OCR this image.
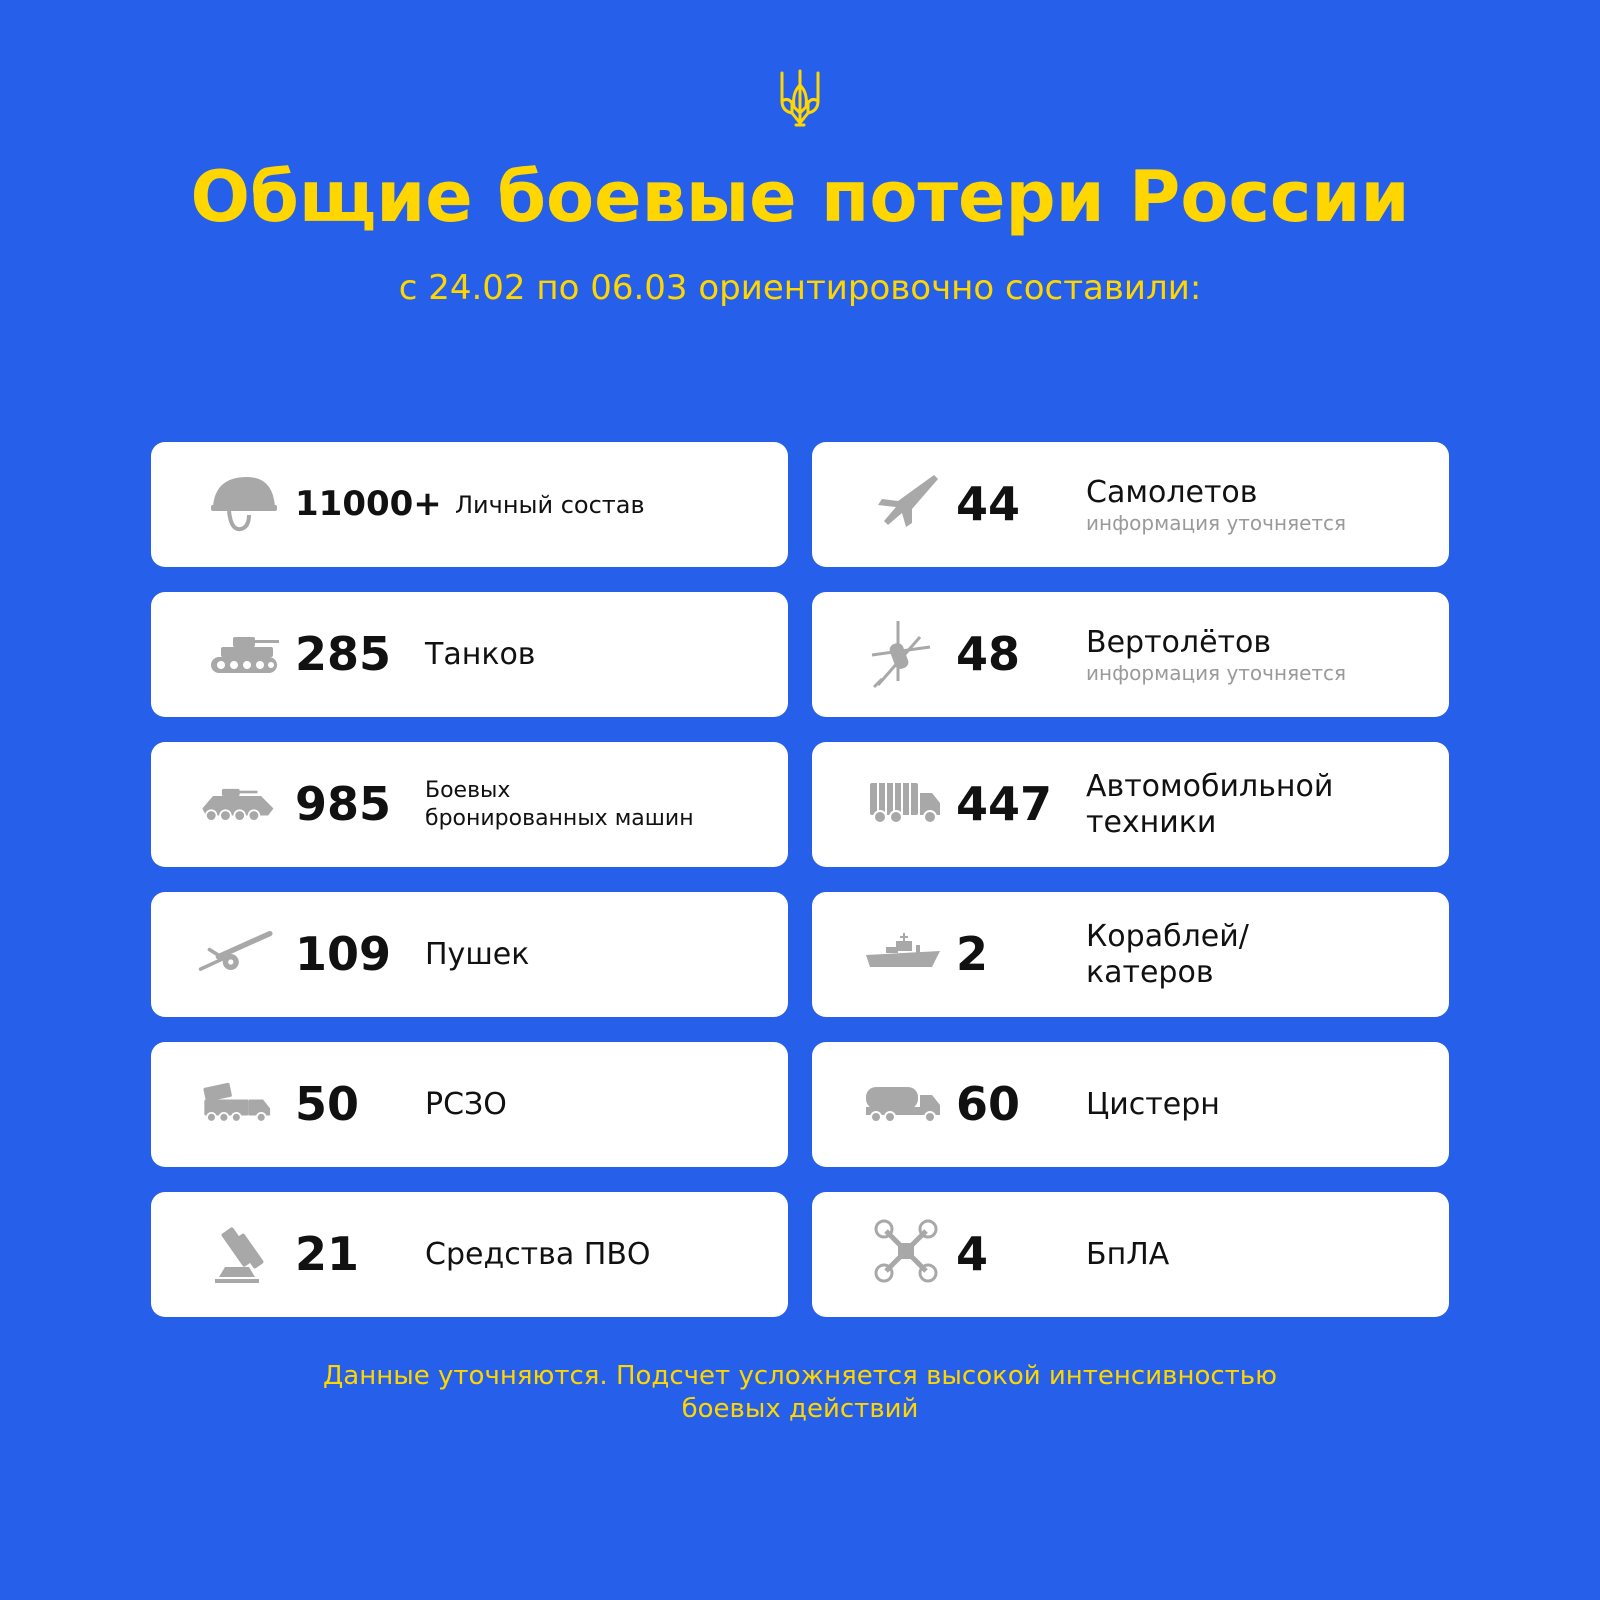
Общие боевые потери России
с 24.02 по 06.03 ориентировочно составили:
11000+ Личный состав
285 Танков
985 Боевых
бронированных машин
109 Пушек
50 РСЗО
21 Средства ПВО
44 Самолетов
информация уточняется
48 Вертолётов
информация уточняется
447 Автомобильной
техники
2	Кораблей/
катеров
60 Цистерн
4	БпЛА
Данные уточняются. Подсчет усложняется высокой интенсивностью
боевых действий
